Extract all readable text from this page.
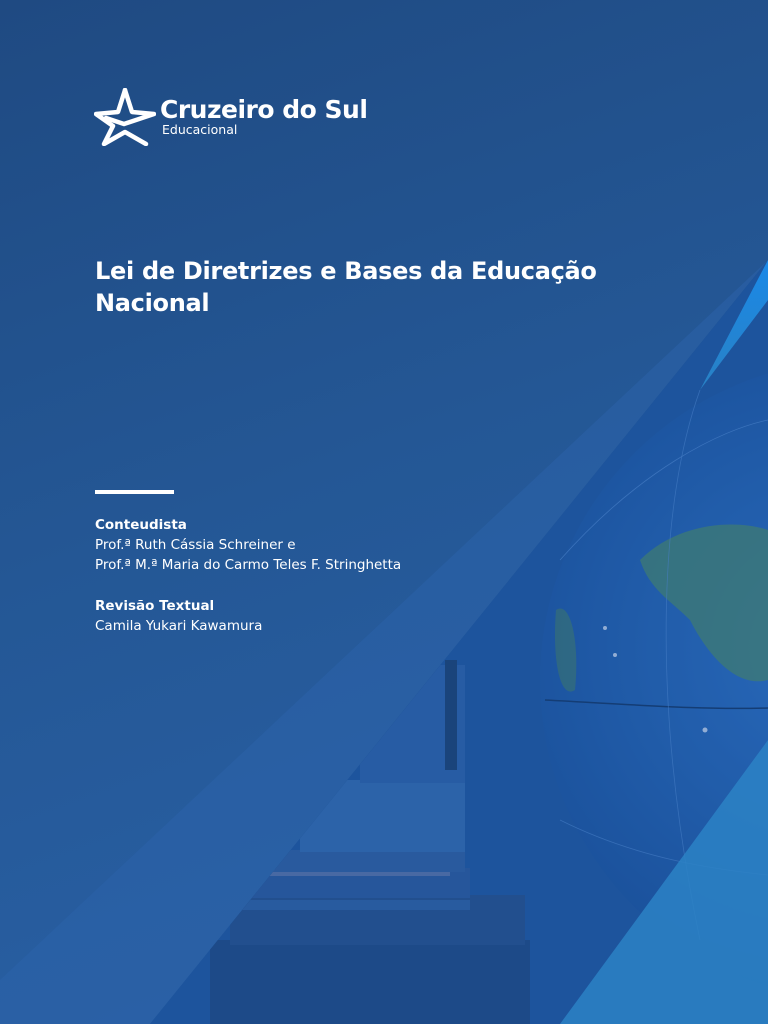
Cruzeiro do Sul
Educacional
Lei de Diretrizes e Bases da Educação Nacional
Conteudista
Prof.ª Ruth Cássia Schreiner e
Prof.ª M.ª Maria do Carmo Teles F. Stringhetta
Revisão Textual
Camila Yukari Kawamura
